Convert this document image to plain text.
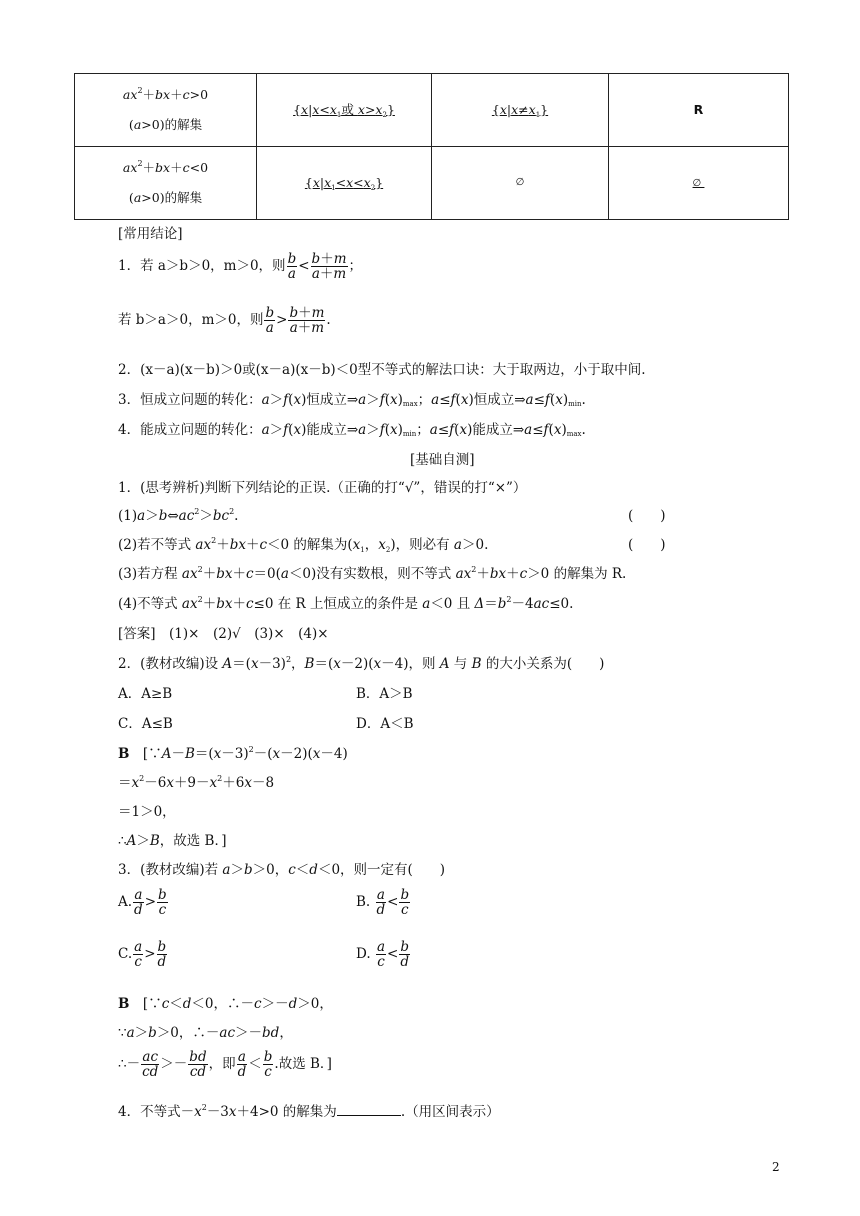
$ax^2+bx+c>0$
(a>0)的解集	{$x|x<x_1$或 $x>x_2$}	$\{x|x\ne x_1\}$	R

$ax^2+bx+c<0$
(a>0)的解集	$\{x|x_1<x<x_2\}$	∅	∅
[常用结论]
1．若 a＞b＞0，m＞0，则 $\frac{b}{a} < \frac{b+m}{a+m}$ ；
若 b＞a＞0，m＞0，则 $\frac{b}{a} > \frac{b+m}{a+m}$ .
2．(x－a)(x－b)＞0或(x－a)(x－b)＜0型不等式的解法口诀：大于取两边，小于取中间.
3．恒成立问题的转化：a＞f(x)恒成立⇒a＞f(x)max；a≤f(x)恒成立⇒a≤f(x)min.
4．能成立问题的转化：a＞f(x)能成立⇒a＞f(x)min；a≤f(x)能成立⇒a≤f(x)max.
[基础自测]
1．(思考辨析)判断下列结论的正误.（正确的打“√”，错误的打“×”）
$(1)a>b\Leftrightarrow ac^2>bc^2$.	(　　)
(2)若不等式 $ax^2+bx+c<0$ 的解集为($x_1$，$x_2$)，则必有 a＞0.	(　　)
(3)若方程 $ax^2+bx+c=0(a<0)$没有实数根，则不等式 $ax^2+bx+c>0$ 的解集为 R.
(4)不等式 $ax^2+bx+c\le 0$ 在 R 上恒成立的条件是 a＜0 且 $\Delta=b^2-4ac\le 0$.
[答案]　(1)×　(2)√　(3)×　(4)×
2．(教材改编)设 $A=(x-3)^2$，B＝(x－2)(x－4)，则 A 与 B 的大小关系为(　　)
A．A≥B	B．A＞B
C．A≤B	D．A＜B
B　[$\because A-B=(x-3)^2-(x-2)(x-4)$
$=x^2-6x+9-x^2+6x-8$
＝1＞0，
∴A＞B，故选 B．]
3．(教材改编)若 a＞b＞0，c＜d＜0，则一定有(　　)
A. $\frac{a}{d} > \frac{b}{c}$	B. $\frac{a}{d} < \frac{b}{c}$
C. $\frac{a}{c} > \frac{b}{d}$	D. $\frac{a}{c} < \frac{b}{d}$
B　[∵c＜d＜0，∴－c＞－d＞0，
∵a＞b＞0，∴－ac＞－bd，
∴－ $\frac{ac}{cd} >- \frac{bd}{cd}$ ，即 $\frac{a}{d} < \frac{b}{c}$ .故选 B．]
4．不等式$-x^2-3x+4>0$ 的解集为	.（用区间表示）
2
